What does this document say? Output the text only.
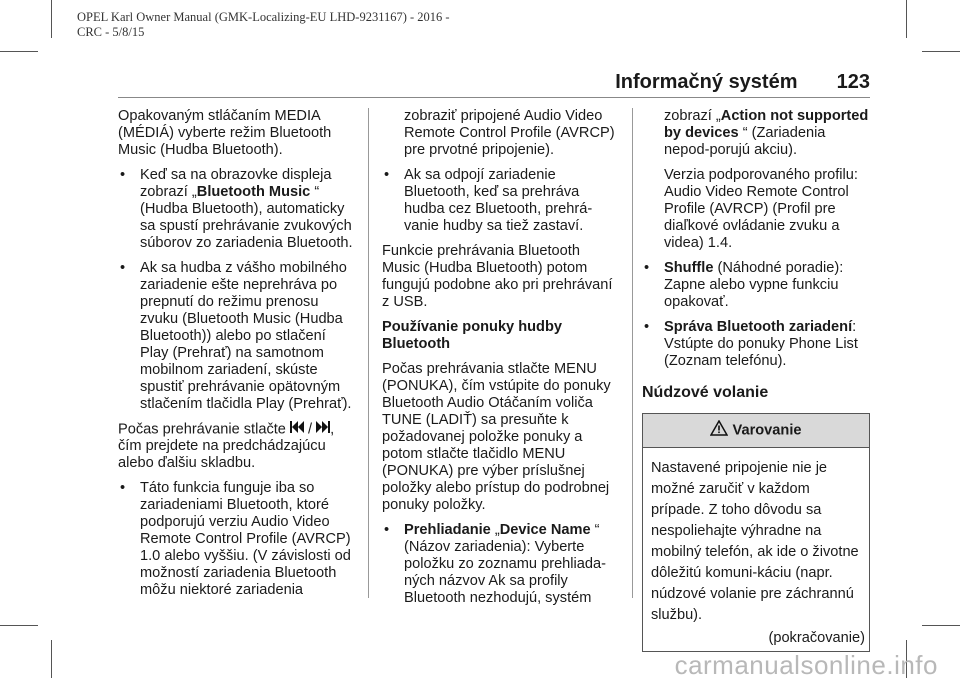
OPEL Karl Owner Manual (GMK-Localizing-EU LHD-9231167) - 2016 -
CRC - 5/8/15
Informačný systém 123

Opakovaným stláčaním MEDIA (MÉDIÁ) vyberte režim Bluetooth Music (Hudba Bluetooth).

• Keď sa na obrazovke displeja zobrazí „Bluetooth Music “ (Hudba Bluetooth), automaticky sa spustí prehrávanie zvukových súborov zo zariadenia Bluetooth.
• Ak sa hudba z vášho mobilného zariadenie ešte neprehráva po prepnutí do režimu prenosu zvuku (Bluetooth Music (Hudba Bluetooth)) alebo po stlačení Play (Prehrať) na samotnom mobilnom zariadení, skúste spustiť prehrávanie opätovným stlačením tlačidla Play (Prehrať).

Počas prehrávanie stlačte  / , čím prejdete na predchádzajúcu alebo ďalšiu skladbu.

• Táto funkcia funguje iba so zariadeniami Bluetooth, ktoré podporujú verziu Audio Video Remote Control Profile (AVRCP) 1.0 alebo vyššiu. (V závislosti od možností zariadenia Bluetooth môžu niektoré zariadenia

zobraziť pripojené Audio Video Remote Control Profile (AVRCP) pre prvotné pripojenie).

• Ak sa odpojí zariadenie Bluetooth, keď sa prehráva hudba cez Bluetooth, prehrá-vanie hudby sa tiež zastaví.

Funkcie prehrávania Bluetooth Music (Hudba Bluetooth) potom fungujú podobne ako pri prehrávaní z USB.

Používanie ponuky hudby Bluetooth

Počas prehrávania stlačte MENU (PONUKA), čím vstúpite do ponuky Bluetooth Audio Otáčaním voliča TUNE (LADIŤ) sa presuňte k požadovanej položke ponuky a potom stlačte tlačidlo MENU (PONUKA) pre výber príslušnej položky alebo prístup do podrobnej ponuky položky.

• Prehliadanie „Device Name “ (Názov zariadenia): Vyberte položku zo zoznamu prehliada-ných názvov Ak sa profily Bluetooth nezhodujú, systém

zobrazí „Action not supported by devices “ (Zariadenia nepod-porujú akciu).

Verzia podporovaného profilu: Audio Video Remote Control Profile (AVRCP) (Profil pre diaľkové ovládanie zvuku a videa) 1.4.

• Shuffle (Náhodné poradie): Zapne alebo vypne funkciu opakovať.
• Správa Bluetooth zariadení: Vstúpte do ponuky Phone List (Zoznam telefónu).
Núdzové volanie
Varovanie
Nastavené pripojenie nie je možné zaručiť v každom prípade. Z toho dôvodu sa nespoliehajte výhradne na mobilný telefón, ak ide o životne dôležitú komuni-káciu (napr. núdzové volanie pre záchrannú službu).
(pokračovanie)
carmanualsonline.info
